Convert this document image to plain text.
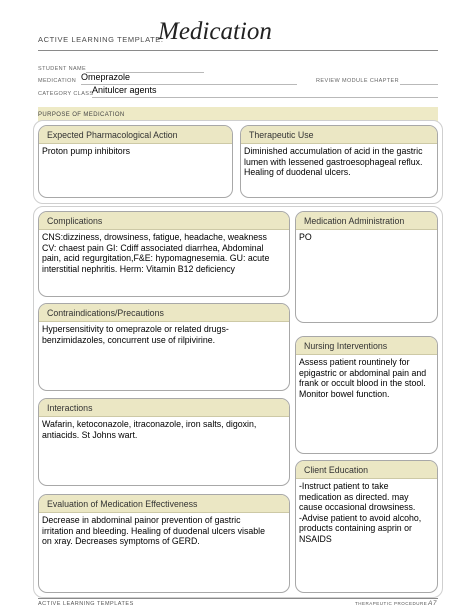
ACTIVE LEARNING TEMPLATE:
Medication
STUDENT NAME
MEDICATION Omeprazole	REVIEW MODULE CHAPTER
CATEGORY CLASS
Anitulcer agents
PURPOSE OF MEDICATION
Expected Pharmacological Action
Proton pump inhibitors
Therapeutic Use
Diminished accumulation of acid in the gastric
lumen with lessened gastroesophageal reflux.
Healing of duodenal ulcers.
Complications
CNS:dizziness, drowsiness, fatigue, headache, weakness
CV: chaest pain GI: Cdiff associated diarrhea, Abdominal
pain, acid regurgitation,F&E: hypomagnesemia. GU: acute
interstitial nephritis. Herm: Vitamin B12 deficiency
Medication Administration
PO
Contraindications/Precautions
Hypersensitivity to omeprazole or related drugs-
benzimidazoles, concurrent use of rilpivirine.
Nursing Interventions
Assess patient rountinely for
epigastric or abdominal pain and
frank or occult blood in the stool.
Monitor bowel function.
Interactions
Wafarin, ketoconazole, itraconazole, iron salts, digoxin,
antiacids. St Johns wart.
Client Education
-Instruct patient to take
medication as directed. may
cause occasional drowsiness.
-Advise patient to avoid alcoho,
products containing asprin or
NSAIDS
Evaluation of Medication Effectiveness
Decrease in abdominal painor prevention of gastric
irritation and bleeding. Healing of duodenal ulcers visable
on xray. Decreases symptoms of GERD.
ACTIVE LEARNING TEMPLATES	THERAPEUTIC PROCEDURE A7
